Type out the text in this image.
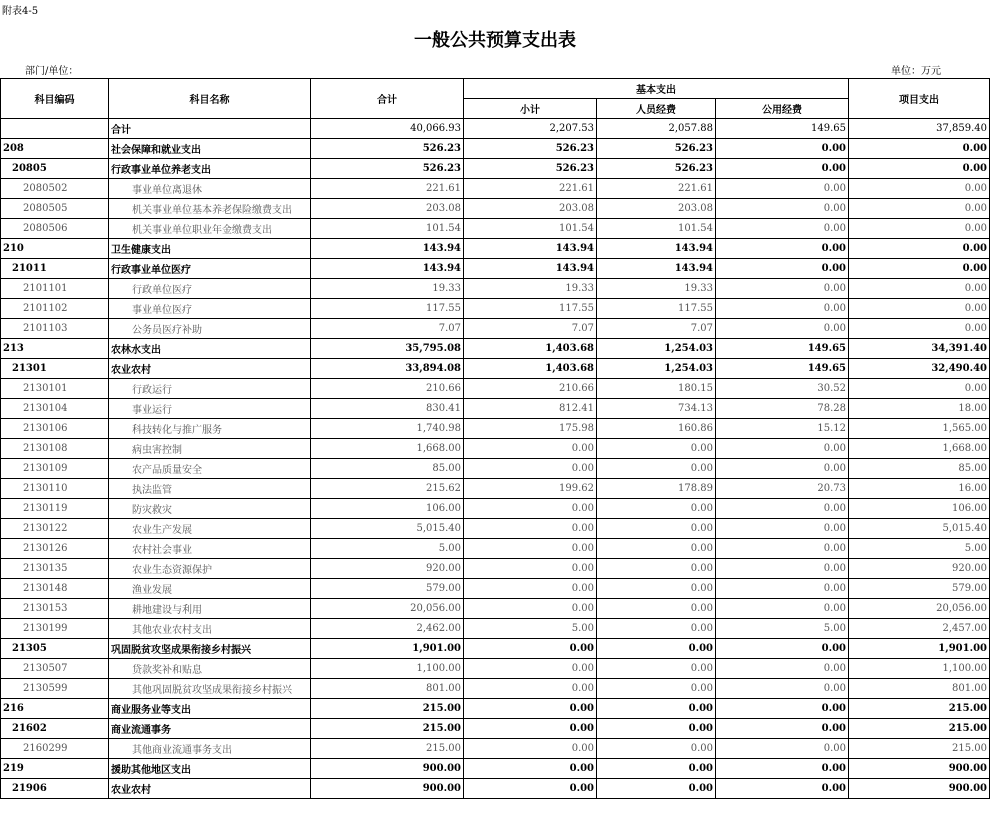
附表4-5
一般公共预算支出表
部门/单位：	单位：万元
科目编码	科目名称	合计	基本支出			项目支出
			小计	人员经费	公用经费	
	合计	40,066.93	2,207.53	2,057.88	149.65	37,859.40
208	社会保障和就业支出	526.23	526.23	526.23	0.00	0.00
20805	行政事业单位养老支出	526.23	526.23	526.23	0.00	0.00
2080502	事业单位离退休	221.61	221.61	221.61	0.00	0.00
2080505	机关事业单位基本养老保险缴费支出	203.08	203.08	203.08	0.00	0.00
2080506	机关事业单位职业年金缴费支出	101.54	101.54	101.54	0.00	0.00
210	卫生健康支出	143.94	143.94	143.94	0.00	0.00
21011	行政事业单位医疗	143.94	143.94	143.94	0.00	0.00
2101101	行政单位医疗	19.33	19.33	19.33	0.00	0.00
2101102	事业单位医疗	117.55	117.55	117.55	0.00	0.00
2101103	公务员医疗补助	7.07	7.07	7.07	0.00	0.00
213	农林水支出	35,795.08	1,403.68	1,254.03	149.65	34,391.40
21301	农业农村	33,894.08	1,403.68	1,254.03	149.65	32,490.40
2130101	行政运行	210.66	210.66	180.15	30.52	0.00
2130104	事业运行	830.41	812.41	734.13	78.28	18.00
2130106	科技转化与推广服务	1,740.98	175.98	160.86	15.12	1,565.00
2130108	病虫害控制	1,668.00	0.00	0.00	0.00	1,668.00
2130109	农产品质量安全	85.00	0.00	0.00	0.00	85.00
2130110	执法监管	215.62	199.62	178.89	20.73	16.00
2130119	防灾救灾	106.00	0.00	0.00	0.00	106.00
2130122	农业生产发展	5,015.40	0.00	0.00	0.00	5,015.40
2130126	农村社会事业	5.00	0.00	0.00	0.00	5.00
2130135	农业生态资源保护	920.00	0.00	0.00	0.00	920.00
2130148	渔业发展	579.00	0.00	0.00	0.00	579.00
2130153	耕地建设与利用	20,056.00	0.00	0.00	0.00	20,056.00
2130199	其他农业农村支出	2,462.00	5.00	0.00	5.00	2,457.00
21305	巩固脱贫攻坚成果衔接乡村振兴	1,901.00	0.00	0.00	0.00	1,901.00
2130507	贷款奖补和贴息	1,100.00	0.00	0.00	0.00	1,100.00
2130599	其他巩固脱贫攻坚成果衔接乡村振兴	801.00	0.00	0.00	0.00	801.00
216	商业服务业等支出	215.00	0.00	0.00	0.00	215.00
21602	商业流通事务	215.00	0.00	0.00	0.00	215.00
2160299	其他商业流通事务支出	215.00	0.00	0.00	0.00	215.00
219	援助其他地区支出	900.00	0.00	0.00	0.00	900.00
21906	农业农村	900.00	0.00	0.00	0.00	900.00
